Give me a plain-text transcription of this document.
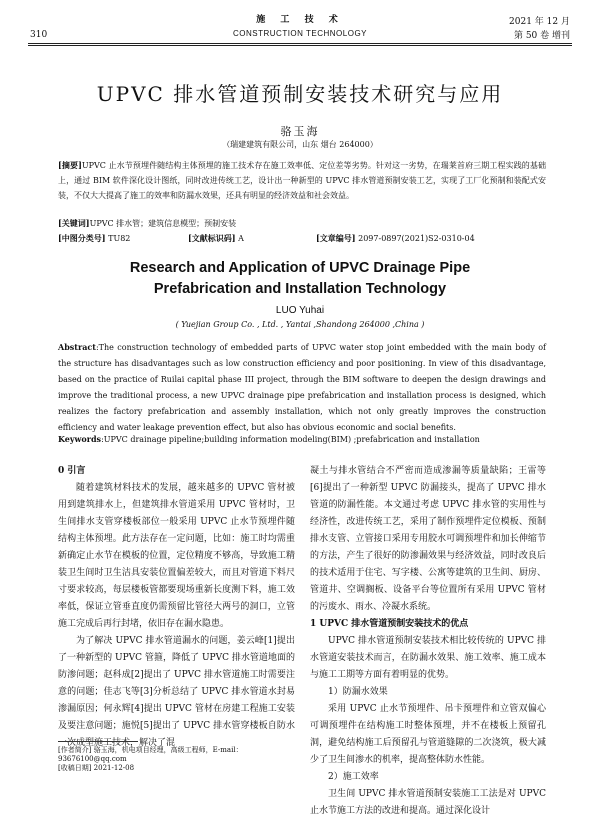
310
施 工 技 术
CONSTRUCTION TECHNOLOGY
2021 年 12 月
第 50 卷 增刊
UPVC 排水管道预制安装技术研究与应用
骆玉海
（瑞建建筑有限公司，山东 烟台 264000）
[摘要]UPVC 止水节预埋件随结构主体预埋的施工技术存在施工效率低、定位差等劣势。针对这一劣势，在瑞莱首府三期工程实践的基础上，通过 BIM 软件深化设计图纸，同时改进传统工艺，设计出一种新型的 UPVC 排水管道预制安装工艺，实现了工厂化预制和装配式安装，不仅大大提高了施工的效率和防漏水效果，还具有明显的经济效益和社会效益。
[关键词]UPVC 排水管；建筑信息模型；预制安装
[中图分类号] TU82	[文献标识码] A	[文章编号] 2097-0897(2021)S2-0310-04
Research and Application of UPVC Drainage Pipe
Prefabrication and Installation Technology
LUO Yuhai
( Yuejian Group Co. , Ltd. , Yantai ,Shandong 264000 ,China )
Abstract:The construction technology of embedded parts of UPVC water stop joint embedded with the main body of the structure has disadvantages such as low construction efficiency and poor positioning. In view of this disadvantage, based on the practice of Ruilai capital phase III project, through the BIM software to deepen the design drawings and improve the traditional process, a new UPVC drainage pipe prefabrication and installation process is designed, which realizes the factory prefabrication and assembly installation, which not only greatly improves the construction efficiency and water leakage prevention effect, but also has obvious economic and social benefits.
Keywords:UPVC drainage pipeline;building information modeling(BIM) ;prefabrication and installation
0 引言

随着建筑材料技术的发展，越来越多的 UPVC 管材被用到建筑排水上，但建筑排水管道采用 UPVC 管材时，卫生间排水支管穿楼板部位一般采用 UPVC 止水节预埋件随结构主体预埋。此方法存在一定问题，比如：施工时均需重新确定止水节在模板的位置，定位精度不够高，导致施工精装卫生间时卫生洁具安装位置偏差较大，而且对管道下料尺寸要求较高，每层楼板管都要现场重新长度测下料，施工效率低，保证立管垂直度仍需预留比管径大两号的洞口，立管施工完成后再行封堵，依旧存在漏水隐患。

为了解决 UPVC 排水管道漏水的问题，姜云峰[1]提出了一种新型的 UPVC 管箍，降低了 UPVC 排水管道地面的防渗问题；赵科成[2]提出了 UPVC 排水管道施工时需要注意的问题；佳志飞等[3]分析总结了 UPVC 排水管道水封易渗漏原因；何永辉[4]提出 UPVC 管材在房建工程施工安装及要注意问题；施悦[5]提出了 UPVC 排水管穿楼板自防水一次成型施工技术，解决了混

凝土与排水管结合不严密而造成渗漏等质量缺陷；王雷等[6]提出了一种新型 UPVC 防漏接头，提高了 UPVC 排水管道的防漏性能。本文通过考虑 UPVC 排水管的实用性与经济性，改进传统工艺，采用了制作预埋件定位模板、预制排水支管、立管接口采用专用胶水可调预埋件和加长伸缩节的方法，产生了很好的防渗漏效果与经济效益，同时改良后的技术适用于住宅、写字楼、公寓等建筑的卫生间、厨房、管道井、空调搁板、设备平台等位置所有采用 UPVC 管材的污废水、雨水、冷凝水系统。

1 UPVC 排水管道预制安装技术的优点

UPVC 排水管道预制安装技术相比较传统的 UPVC 排水管道安装技术而言，在防漏水效果、施工效率、施工成本与施工工期等方面有着明显的优势。

1）防漏水效果

采用 UPVC 止水节预埋件、吊卡预埋件和立管双偏心可调预埋件在结构施工时整体预埋，并不在楼板上预留孔洞，避免结构施工后预留孔与管道缝隙的二次浇筑，极大减少了卫生间渗水的机率，提高整体防水性能。

2）施工效率

卫生间 UPVC 排水管道预制安装施工工法是对 UPVC 止水节施工方法的改进和提高。通过深化设计

[作者简介] 骆玉海，机电项目经理，高级工程师，E-mail：93676100@qq.com
[收稿日期] 2021-12-08
